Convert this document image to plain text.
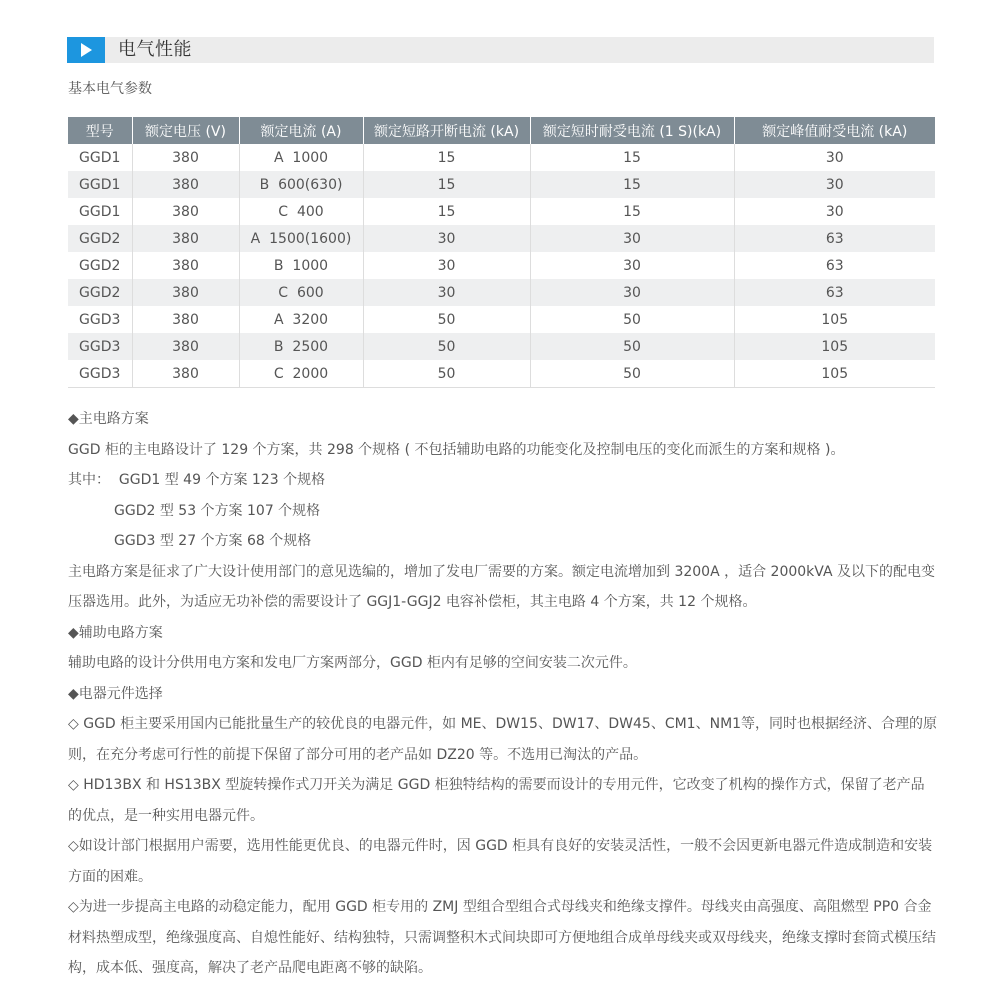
电气性能
基本电气参数
型号	额定电压 (V)	额定电流 (A)	额定短路开断电流 (kA)	额定短时耐受电流 (1 S)(kA)	额定峰值耐受电流 (kA)
GGD1	380	A  1000	15	15	30
GGD1	380	B  600(630)	15	15	30
GGD1	380	C  400	15	15	30
GGD2	380	A  1500(1600)	30	30	63
GGD2	380	B  1000	30	30	63
GGD2	380	C  600	30	30	63
GGD3	380	A  3200	50	50	105
GGD3	380	B  2500	50	50	105
GGD3	380	C  2000	50	50	105

◆主电路方案

GGD 柜的主电路设计了 129 个方案，共 298 个规格 ( 不包括辅助电路的功能变化及控制电压的变化而派生的方案和规格 )。

其中：  GGD1 型 49 个方案 123 个规格

GGD2 型 53 个方案 107 个规格

GGD3 型 27 个方案 68 个规格

主电路方案是征求了广大设计使用部门的意见选编的，增加了发电厂需要的方案。额定电流增加到 3200A ，适合 2000kVA 及以下的配电变压器选用。此外，为适应无功补偿的需要设计了 GGJ1-GGJ2 电容补偿柜，其主电路 4 个方案，共 12 个规格。

◆辅助电路方案

辅助电路的设计分供用电方案和发电厂方案两部分，GGD 柜内有足够的空间安装二次元件。

◆电器元件选择

◇ GGD 柜主要采用国内已能批量生产的较优良的电器元件，如 ME、DW15、DW17、DW45、CM1、NM1等，同时也根据经济、合理的原则，在充分考虑可行性的前提下保留了部分可用的老产品如 DZ20 等。不选用已淘汰的产品。

◇ HD13BX 和 HS13BX 型旋转操作式刀开关为满足 GGD 柜独特结构的需要而设计的专用元件，它改变了机构的操作方式，保留了老产品的优点，是一种实用电器元件。

◇如设计部门根据用户需要，选用性能更优良、的电器元件时，因 GGD 柜具有良好的安装灵活性，一般不会因更新电器元件造成制造和安装方面的困难。

◇为进一步提高主电路的动稳定能力，配用 GGD 柜专用的 ZMJ 型组合型组合式母线夹和绝缘支撑件。母线夹由高强度、高阻燃型 PP0 合金材料热塑成型，绝缘强度高、自熄性能好、结构独特，只需调整积木式间块即可方便地组合成单母线夹或双母线夹，绝缘支撑时套筒式模压结构，成本低、强度高，解决了老产品爬电距离不够的缺陷。
